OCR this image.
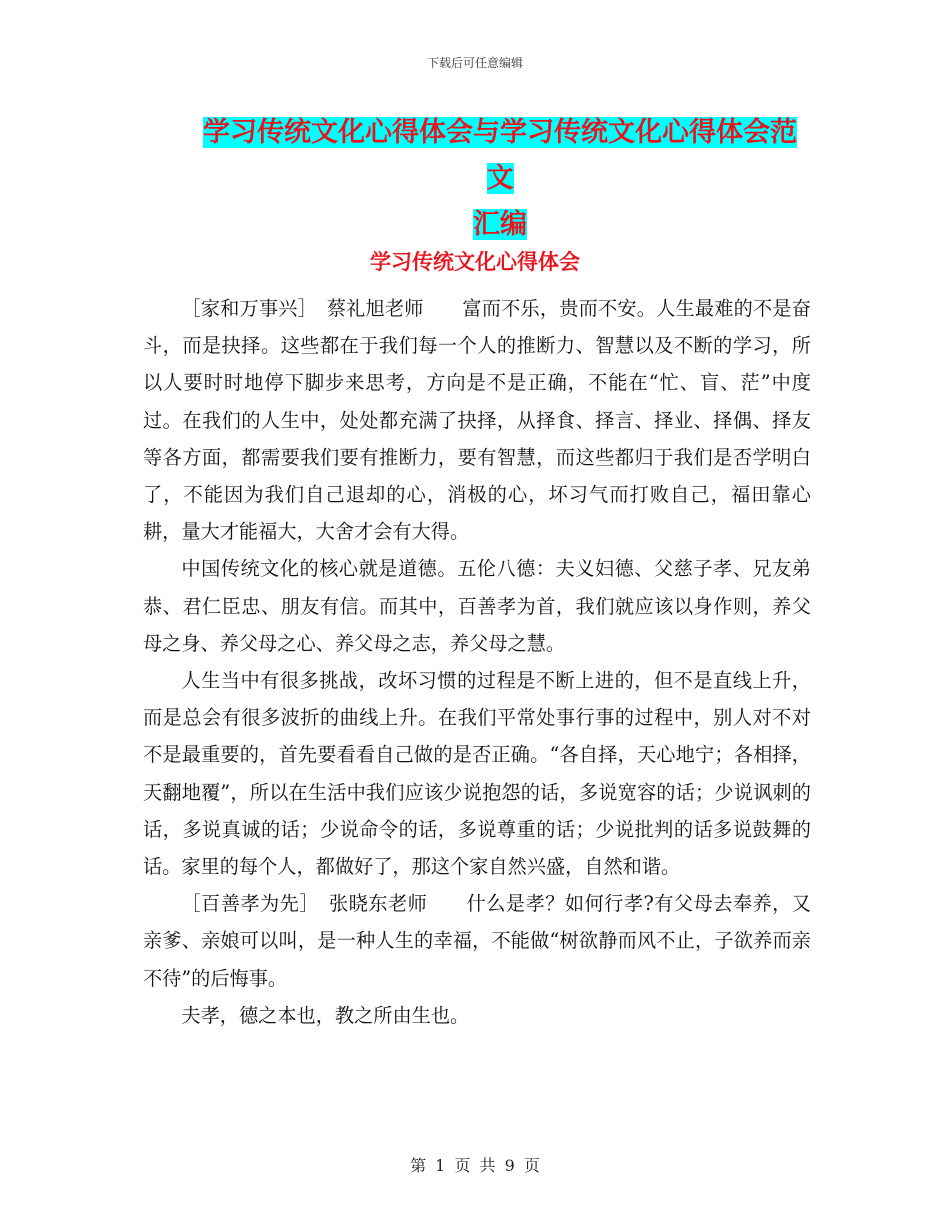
下载后可任意编辑
学习传统文化心得体会与学习传统文化心得体会范文
汇编
学习传统文化心得体会

［家和万事兴］　蔡礼旭老师　　富而不乐，贵而不安。人生最难的不是奋斗，而是抉择。这些都在于我们每一个人的推断力、智慧以及不断的学习，所以人要时时地停下脚步来思考，方向是不是正确，不能在“忙、盲、茫”中度过。在我们的人生中，处处都充满了抉择，从择食、择言、择业、择偶、择友等各方面，都需要我们要有推断力，要有智慧，而这些都归于我们是否学明白了，不能因为我们自己退却的心，消极的心，坏习气而打败自己，福田靠心耕，量大才能福大，大舍才会有大得。

中国传统文化的核心就是道德。五伦八德：夫义妇德、父慈子孝、兄友弟恭、君仁臣忠、朋友有信。而其中，百善孝为首，我们就应该以身作则，养父母之身、养父母之心、养父母之志，养父母之慧。

人生当中有很多挑战，改坏习惯的过程是不断上进的，但不是直线上升，而是总会有很多波折的曲线上升。在我们平常处事行事的过程中，别人对不对不是最重要的，首先要看看自己做的是否正确。“各自择，天心地宁；各相择，天翻地覆”，所以在生活中我们应该少说抱怨的话，多说宽容的话；少说讽刺的话，多说真诚的话；少说命令的话，多说尊重的话；少说批判的话多说鼓舞的话。家里的每个人，都做好了，那这个家自然兴盛，自然和谐。

［百善孝为先］　张晓东老师　　什么是孝？如何行孝?有父母去奉养，又亲爹、亲娘可以叫，是一种人生的幸福，不能做“树欲静而风不止，子欲养而亲不待”的后悔事。

夫孝，德之本也，教之所由生也。

第 1 页 共 9 页
